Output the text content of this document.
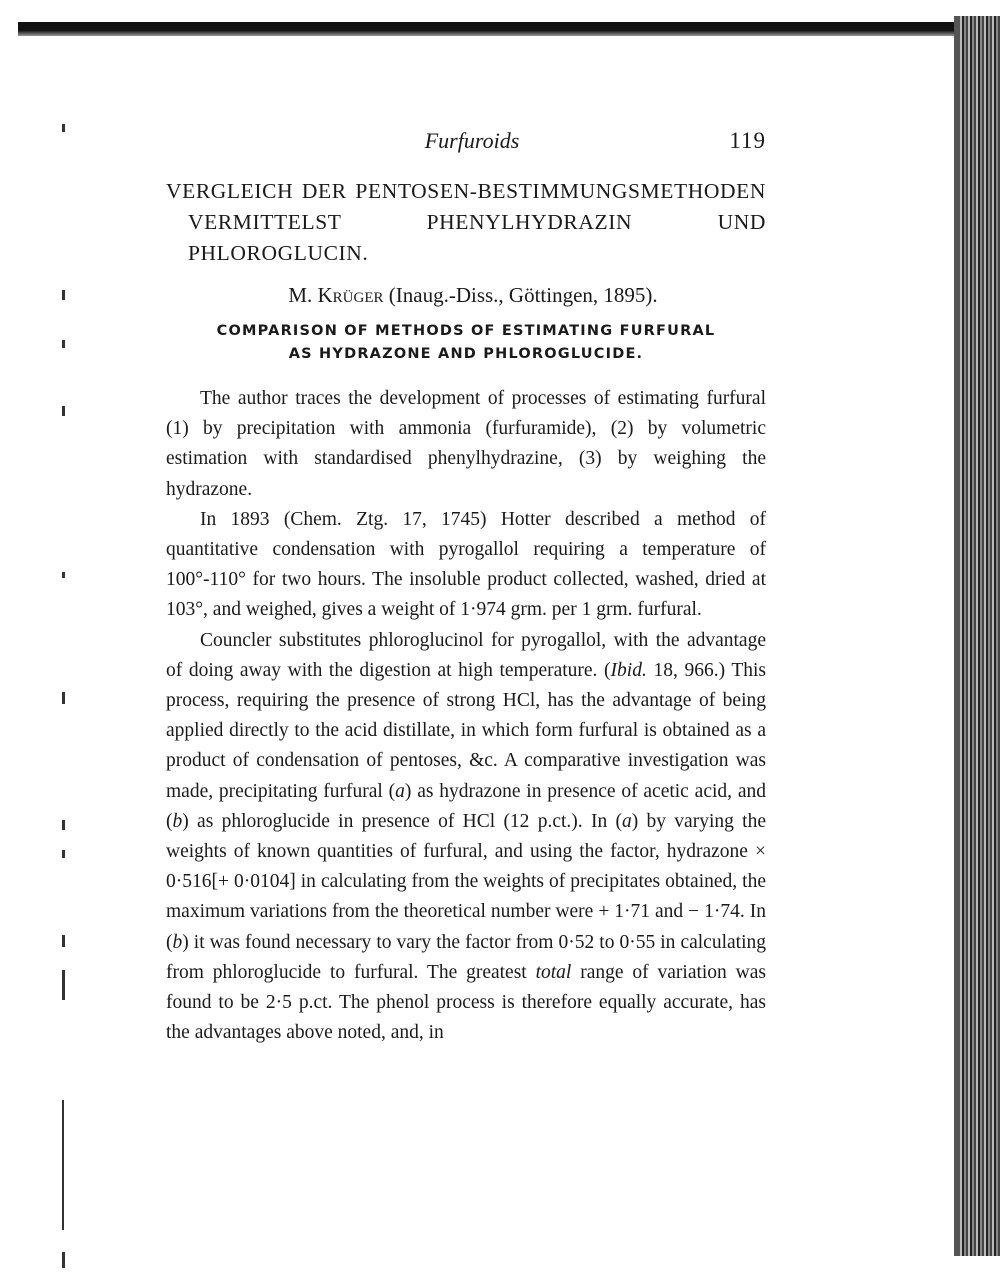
Furfuroids	119
VERGLEICH DER PENTOSEN-BESTIMMUNGSMETHODEN VERMITTELST PHENYLHYDRAZIN UND PHLOROGLUCIN.

M. Krüger (Inaug.-Diss., Göttingen, 1895).

COMPARISON OF METHODS OF ESTIMATING FURFURAL
AS HYDRAZONE AND PHLOROGLUCIDE.

The author traces the development of processes of estimating furfural (1) by precipitation with ammonia (furfuramide), (2) by volumetric estimation with standardised phenylhydrazine, (3) by weighing the hydrazone.

In 1893 (Chem. Ztg. 17, 1745) Hotter described a method of quantitative condensation with pyrogallol requiring a temperature of 100°-110° for two hours. The insoluble product collected, washed, dried at 103°, and weighed, gives a weight of 1·974 grm. per 1 grm. furfural.

Councler substitutes phloroglucinol for pyrogallol, with the advantage of doing away with the digestion at high temperature. (Ibid. 18, 966.) This process, requiring the presence of strong HCl, has the advantage of being applied directly to the acid distillate, in which form furfural is obtained as a product of condensation of pentoses, &c. A comparative investigation was made, precipitating furfural (a) as hydrazone in presence of acetic acid, and (b) as phloroglucide in presence of HCl (12 p.ct.). In (a) by varying the weights of known quantities of furfural, and using the factor, hydrazone × 0·516[+ 0·0104] in calculating from the weights of precipitates obtained, the maximum variations from the theoretical number were + 1·71 and − 1·74. In (b) it was found necessary to vary the factor from 0·52 to 0·55 in calculating from phloroglucide to furfural. The greatest total range of variation was found to be 2·5 p.ct. The phenol process is therefore equally accurate, has the advantages above noted, and, in
